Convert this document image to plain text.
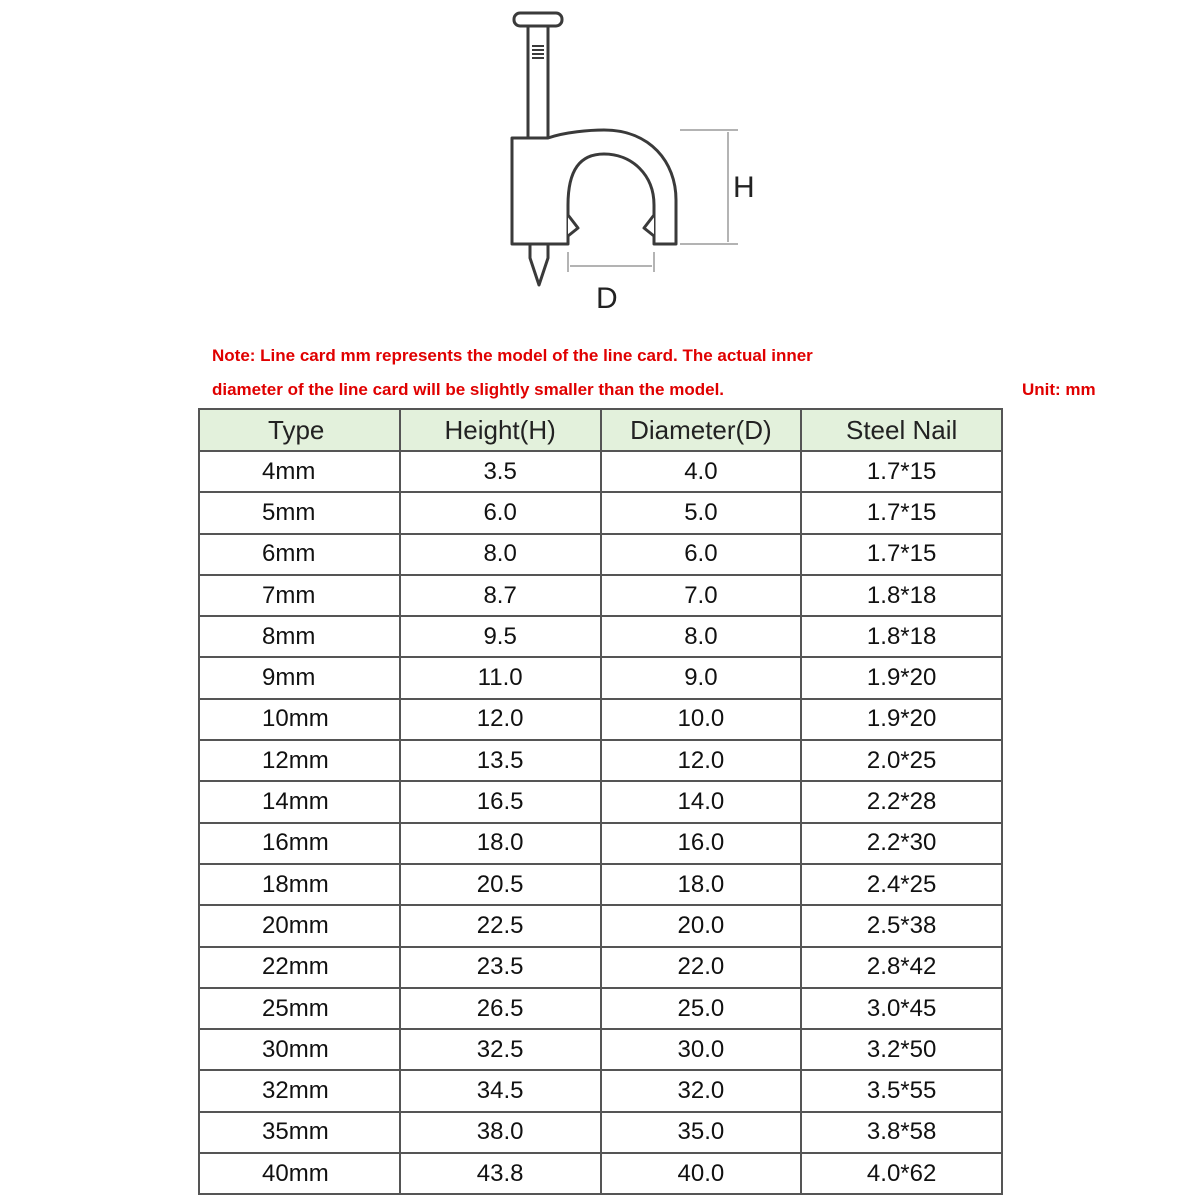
H
D

Note: Line card mm represents the model of the line card. The actual inner

diameter of the line card will be slightly smaller than the model.	Unit: mm
Type	Height(H)	Diameter(D)	Steel Nail
4mm	3.5	4.0	1.7*15
5mm	6.0	5.0	1.7*15
6mm	8.0	6.0	1.7*15
7mm	8.7	7.0	1.8*18
8mm	9.5	8.0	1.8*18
9mm	11.0	9.0	1.9*20
10mm	12.0	10.0	1.9*20
12mm	13.5	12.0	2.0*25
14mm	16.5	14.0	2.2*28
16mm	18.0	16.0	2.2*30
18mm	20.5	18.0	2.4*25
20mm	22.5	20.0	2.5*38
22mm	23.5	22.0	2.8*42
25mm	26.5	25.0	3.0*45
30mm	32.5	30.0	3.2*50
32mm	34.5	32.0	3.5*55
35mm	38.0	35.0	3.8*58
40mm	43.8	40.0	4.0*62
